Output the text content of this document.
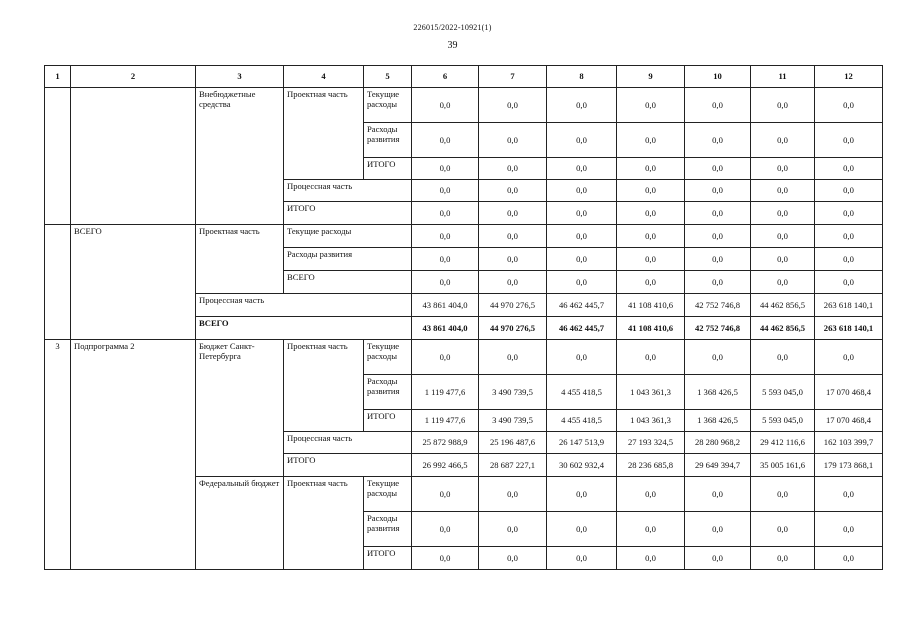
226015/2022-10921(1)
39
1	2	3	4	5	6	7	8	9	10	11	12
		Внебюджетные средства	Проектная часть	Текущие расходы	0,0	0,0	0,0	0,0	0,0	0,0	0,0
				Расходы развития	0,0	0,0	0,0	0,0	0,0	0,0	0,0
				ИТОГО	0,0	0,0	0,0	0,0	0,0	0,0	0,0
			Процессная часть		0,0	0,0	0,0	0,0	0,0	0,0	0,0
			ИТОГО		0,0	0,0	0,0	0,0	0,0	0,0	0,0
	ВСЕГО	Проектная часть	Текущие расходы		0,0	0,0	0,0	0,0	0,0	0,0	0,0
			Расходы развития		0,0	0,0	0,0	0,0	0,0	0,0	0,0
			ВСЕГО		0,0	0,0	0,0	0,0	0,0	0,0	0,0
		Процессная часть			43 861 404,0	44 970 276,5	46 462 445,7	41 108 410,6	42 752 746,8	44 462 856,5	263 618 140,1
		ВСЕГО			43 861 404,0	44 970 276,5	46 462 445,7	41 108 410,6	42 752 746,8	44 462 856,5	263 618 140,1
3	Подпрограмма 2	Бюджет Санкт-Петербурга	Проектная часть	Текущие расходы	0,0	0,0	0,0	0,0	0,0	0,0	0,0
				Расходы развития	1 119 477,6	3 490 739,5	4 455 418,5	1 043 361,3	1 368 426,5	5 593 045,0	17 070 468,4
				ИТОГО	1 119 477,6	3 490 739,5	4 455 418,5	1 043 361,3	1 368 426,5	5 593 045,0	17 070 468,4
			Процессная часть		25 872 988,9	25 196 487,6	26 147 513,9	27 193 324,5	28 280 968,2	29 412 116,6	162 103 399,7
			ИТОГО		26 992 466,5	28 687 227,1	30 602 932,4	28 236 685,8	29 649 394,7	35 005 161,6	179 173 868,1
		Федеральный бюджет	Проектная часть	Текущие расходы	0,0	0,0	0,0	0,0	0,0	0,0	0,0
				Расходы развития	0,0	0,0	0,0	0,0	0,0	0,0	0,0
				ИТОГО	0,0	0,0	0,0	0,0	0,0	0,0	0,0
